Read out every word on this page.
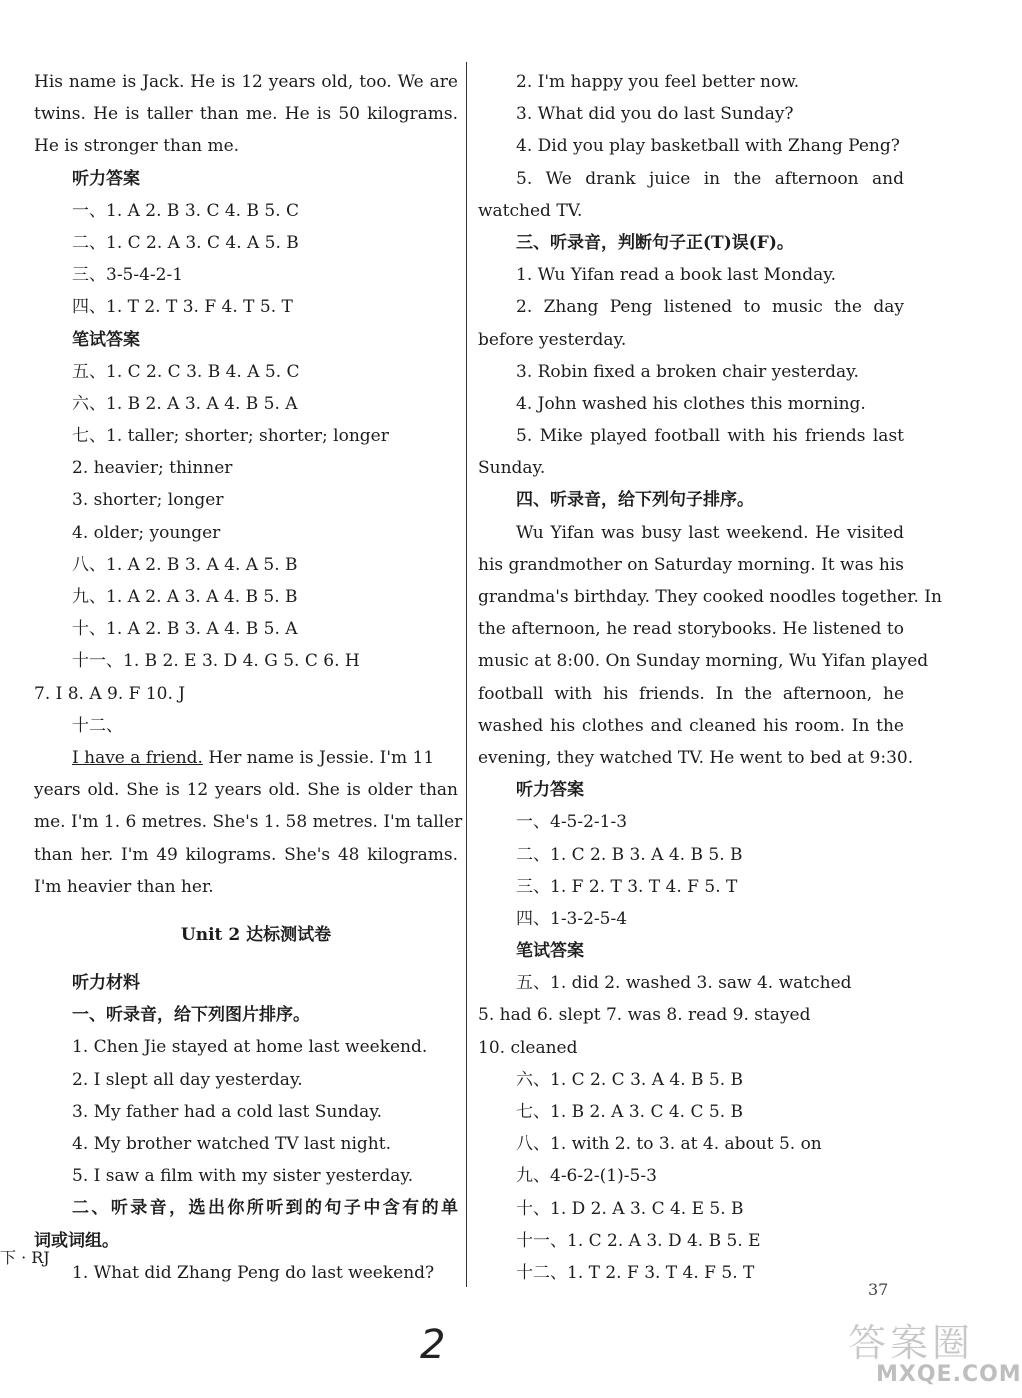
His name is Jack. He is 12 years old, too. We are
twins. He is taller than me. He is 50 kilograms.
He is stronger than me.
听力答案
一、1. A 2. B 3. C 4. B 5. C
二、1. C 2. A 3. C 4. A 5. B
三、3-5-4-2-1
四、1. T 2. T 3. F 4. T 5. T
笔试答案
五、1. C 2. C 3. B 4. A 5. C
六、1. B 2. A 3. A 4. B 5. A
七、1. taller; shorter; shorter; longer
2. heavier; thinner
3. shorter; longer
4. older; younger
八、1. A 2. B 3. A 4. A 5. B
九、1. A 2. A 3. A 4. B 5. B
十、1. A 2. B 3. A 4. B 5. A
十一、1. B 2. E 3. D 4. G 5. C 6. H
7. I 8. A 9. F 10. J
十二、
I have a friend. Her name is Jessie. I'm 11
years old. She is 12 years old. She is older than
me. I'm 1. 6 metres. She's 1. 58 metres. I'm taller
than her. I'm 49 kilograms. She's 48 kilograms.
I'm heavier than her.
Unit 2 达标测试卷
听力材料
一、听录音，给下列图片排序。
1. Chen Jie stayed at home last weekend.
2. I slept all day yesterday.
3. My father had a cold last Sunday.
4. My brother watched TV last night.
5. I saw a film with my sister yesterday.
二、听录音，选出你所听到的句子中含有的单
词或词组。
1. What did Zhang Peng do last weekend?
2. I'm happy you feel better now.
3. What did you do last Sunday?
4. Did you play basketball with Zhang Peng?
5. We drank juice in the afternoon and
watched TV.
三、听录音，判断句子正(T)误(F)。
1. Wu Yifan read a book last Monday.
2. Zhang Peng listened to music the day
before yesterday.
3. Robin fixed a broken chair yesterday.
4. John washed his clothes this morning.
5. Mike played football with his friends last
Sunday.
四、听录音，给下列句子排序。
Wu Yifan was busy last weekend. He visited
his grandmother on Saturday morning. It was his
grandma's birthday. They cooked noodles together. In
the afternoon, he read storybooks. He listened to
music at 8:00. On Sunday morning, Wu Yifan played
football with his friends. In the afternoon, he
washed his clothes and cleaned his room. In the
evening, they watched TV. He went to bed at 9:30.
听力答案
一、4-5-2-1-3
二、1. C 2. B 3. A 4. B 5. B
三、1. F 2. T 3. T 4. F 5. T
四、1-3-2-5-4
笔试答案
五、1. did 2. washed 3. saw 4. watched
5. had 6. slept 7. was 8. read 9. stayed
10. cleaned
六、1. C 2. C 3. A 4. B 5. B
七、1. B 2. A 3. C 4. C 5. B
八、1. with 2. to 3. at 4. about 5. on
九、4-6-2-(1)-5-3
十、1. D 2. A 3. C 4. E 5. B
十一、1. C 2. A 3. D 4. B 5. E
十二、1. T 2. F 3. T 4. F 5. T
下 · RJ
37
2	答案圈
MXQE.COM
